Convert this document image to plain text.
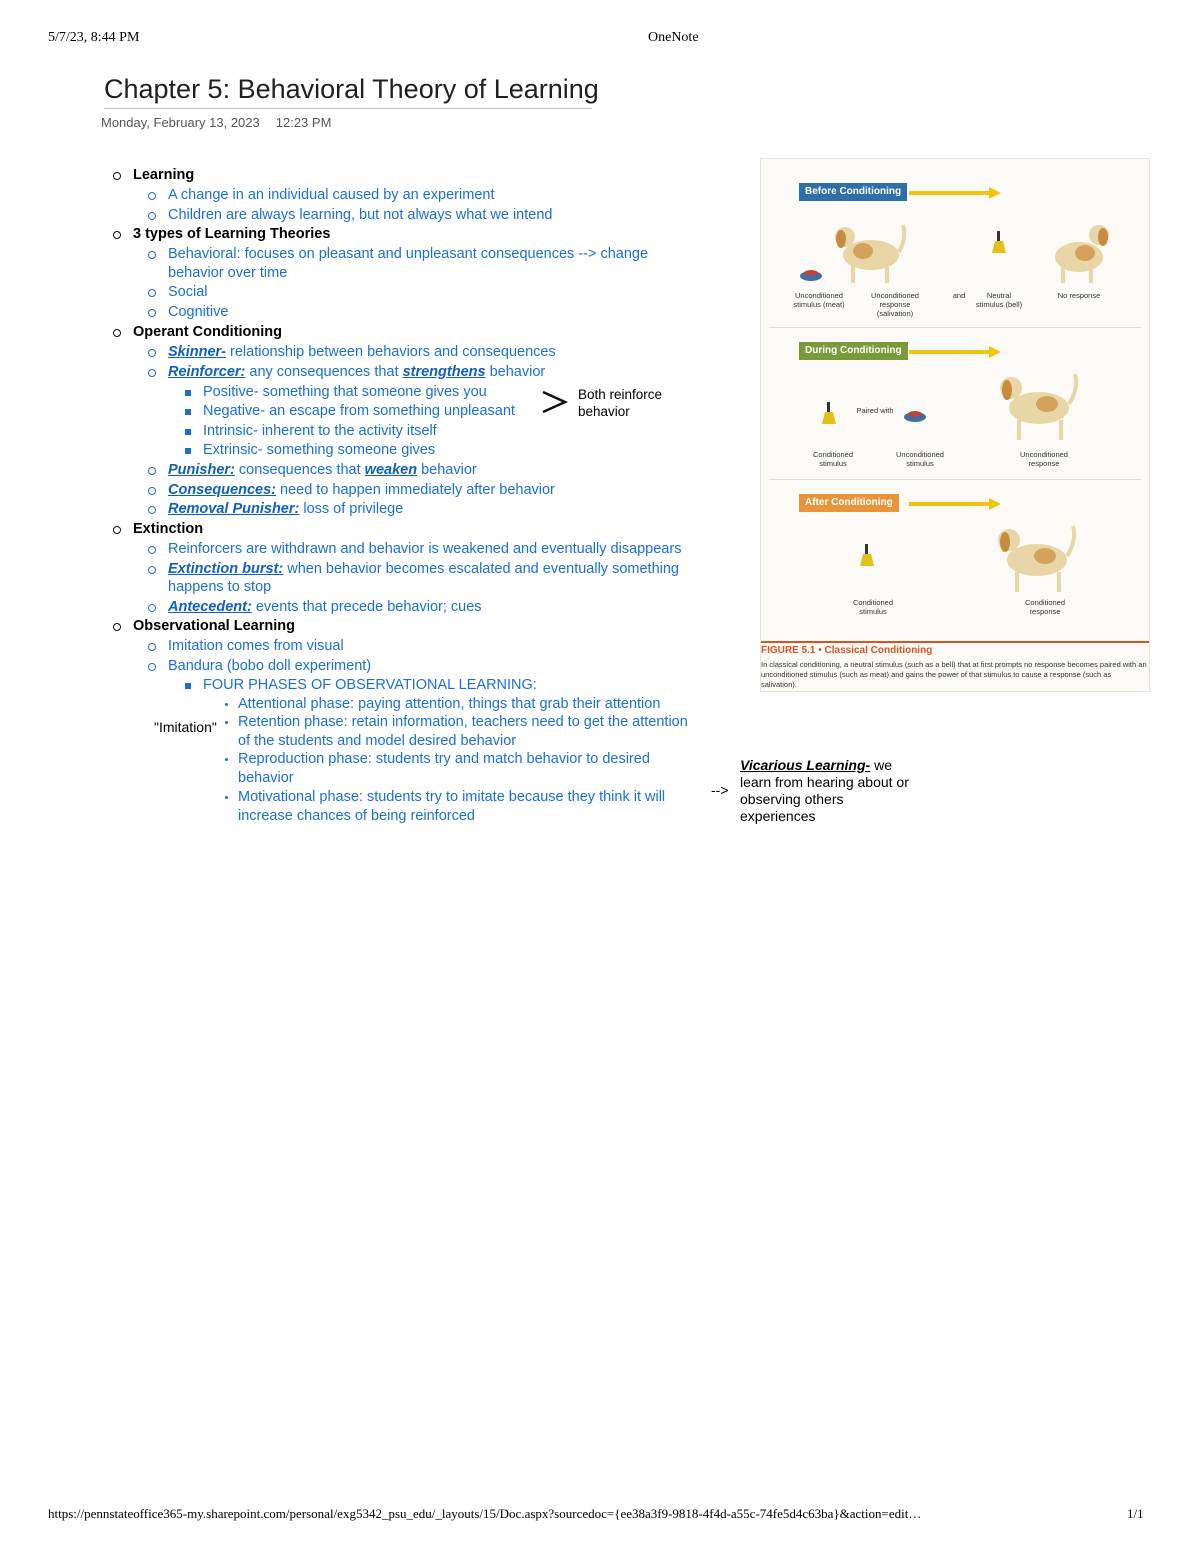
5/7/23, 8:44 PM	OneNote
Chapter 5: Behavioral Theory of Learning
Monday, February 13, 2023 12:23 PM
Learning
A change in an individual caused by an experiment
Children are always learning, but not always what we intend
3 types of Learning Theories
Behavioral: focuses on pleasant and unpleasant consequences --> change
behavior over time
Social
Cognitive
Operant Conditioning
Skinner- relationship between behaviors and consequences
Reinforcer: any consequences that strengthens behavior
Positive- something that someone gives you
Negative- an escape from something unpleasant
Intrinsic- inherent to the activity itself
Extrinsic- something someone gives
Punisher: consequences that weaken behavior
Consequences: need to happen immediately after behavior
Removal Punisher: loss of privilege
Extinction
Reinforcers are withdrawn and behavior is weakened and eventually disappears
Extinction burst: when behavior becomes escalated and eventually something
happens to stop
Antecedent: events that precede behavior; cues
Observational Learning
Imitation comes from visual
Bandura (bobo doll experiment)
FOUR PHASES OF OBSERVATIONAL LEARNING:
Attentional phase: paying attention, things that grab their attention
Retention phase: retain information, teachers need to get the attention
of the students and model desired behavior
Reproduction phase: students try and match behavior to desired
behavior
Motivational phase: students try to imitate because they think it will
increase chances of being reinforced
Both reinforce
behavior
"Imitation"
-->
Vicarious Learning- we
learn from hearing about or
observing others
experiences
Before Conditioning
Unconditioned stimulus (meat)
Unconditioned response (salivation)
and	Neutral stimulus (bell)
No response
During Conditioning
Paired with
Conditioned stimulus
Unconditioned stimulus
Unconditioned response
After Conditioning
Conditioned stimulus
Conditioned response
FIGURE 5.1 • Classical Conditioning
In classical conditioning, a neutral stimulus (such as a bell) that at first prompts no response becomes paired with an unconditioned stimulus (such as meat) and gains the power of that stimulus to cause a response (such as salivation).
https://pennstateoffice365-my.sharepoint.com/personal/exg5342_psu_edu/_layouts/15/Doc.aspx?sourcedoc={ee38a3f9-9818-4f4d-a55c-74fe5d4c63ba}&action=edit…	1/1
